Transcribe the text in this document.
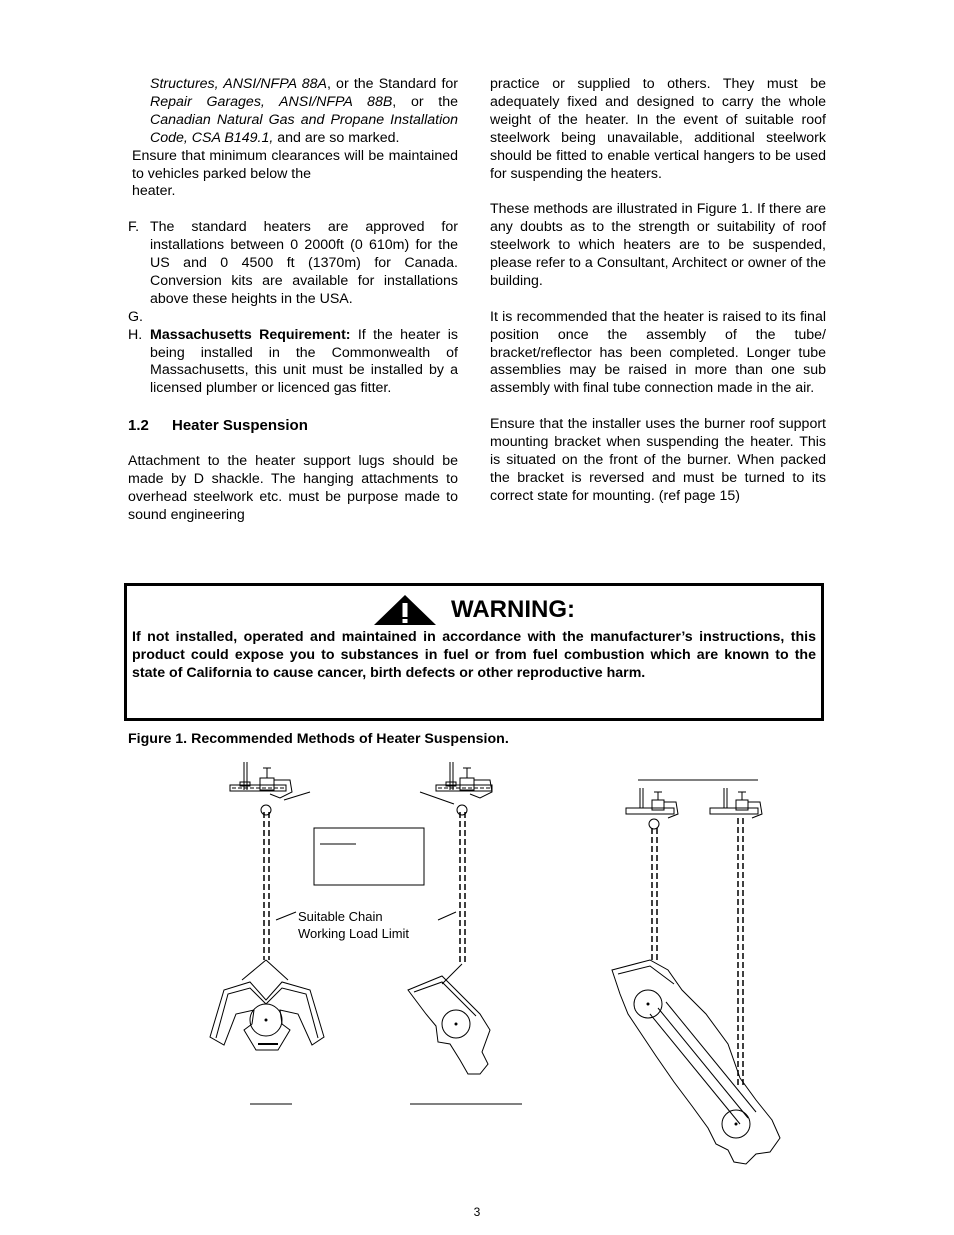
Structures, ANSI/NFPA 88A, or the Standard for Repair Garages, ANSI/NFPA 88B, or the Canadian Natural Gas and Propane Installation Code, CSA B149.1, and are so marked.

Ensure that minimum clearances will be maintained to vehicles parked below the

heater.

F. The standard heaters are approved for installations between 0 2000ft (0 610m) for the US and 0 4500 ft (1370m) for Canada. Conversion kits are available for installations above these heights in the USA.

G.

H. Massachusetts Requirement: If the heater is being installed in the Commonwealth of Massachusetts, this unit must be installed by a licensed plumber or licenced gas fitter.

1.2 Heater Suspension

Attachment to the heater support lugs should be made by D shackle. The hanging attachments to overhead steelwork etc. must be purpose made to sound engineering

practice or supplied to others. They must be adequately fixed and designed to carry the whole weight of the heater. In the event of suitable roof steelwork being unavailable, additional steelwork should be fitted to enable vertical hangers to be used for suspending the heaters.

These methods are illustrated in Figure 1. If there are any doubts as to the strength or suitability of roof steelwork to which heaters are to be suspended, please refer to a Consultant, Architect or owner of the building.

It is recommended that the heater is raised to its final position once the assembly of the tube/ bracket/reflector has been completed. Longer tube assemblies may be raised in more than one sub assembly with final tube connection made in the air.

Ensure that the installer uses the burner roof support mounting bracket when suspending the heater. This is situated on the front of the burner. When packed the bracket is reversed and must be turned to its correct state for mounting. (ref page 15)

WARNING:
If not installed, operated and maintained in accordance with the manufacturer’s instructions, this product could expose you to substances in fuel or from fuel combustion which are known to the state of California to cause cancer, birth defects or other reproductive harm.
Figure 1. Recommended Methods of Heater Suspension.
Suitable Chain
Working Load Limit
3
